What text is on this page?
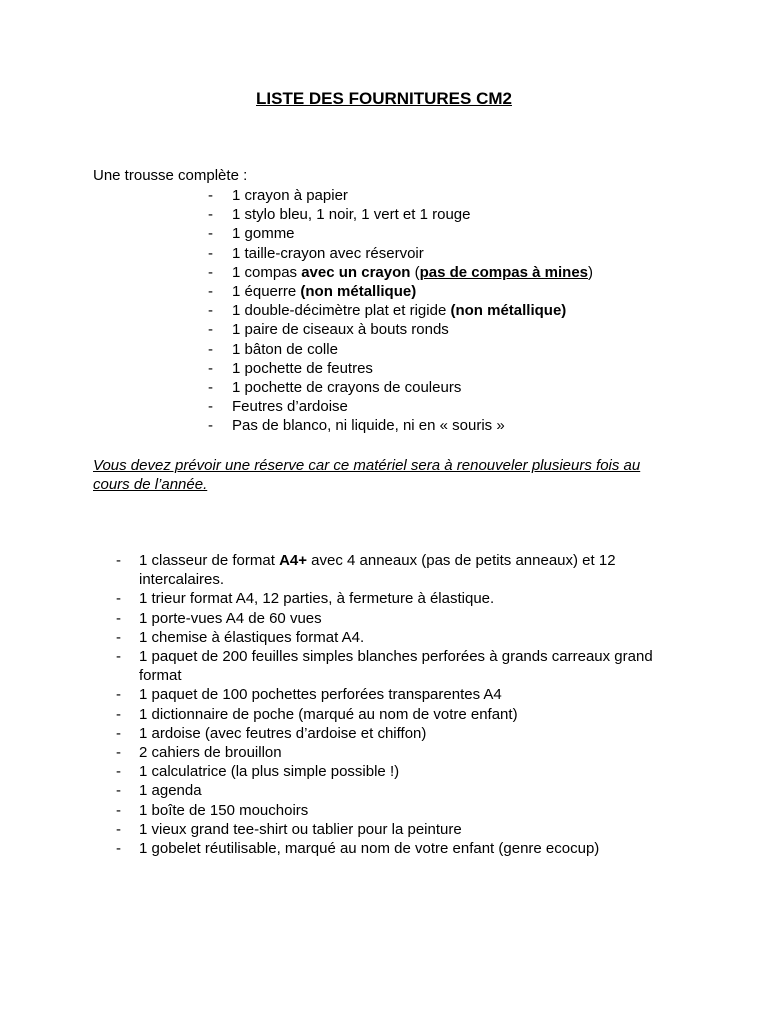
LISTE DES FOURNITURES CM2

Une trousse complète :

- 1 crayon à papier
- 1 stylo bleu, 1 noir, 1 vert et 1 rouge
- 1 gomme
- 1 taille-crayon avec réservoir
- 1 compas avec un crayon (pas de compas à mines)
- 1 équerre (non métallique)
- 1 double-décimètre plat et rigide (non métallique)
- 1 paire de ciseaux à bouts ronds
- 1 bâton de colle
- 1 pochette de feutres
- 1 pochette de crayons de couleurs
- Feutres d’ardoise
- Pas de blanco, ni liquide, ni en « souris »

Vous devez prévoir une réserve car ce matériel sera à renouveler plusieurs fois au cours de l’année.

- 1 classeur de format A4+ avec 4 anneaux (pas de petits anneaux) et 12 intercalaires.
- 1 trieur format A4, 12 parties, à fermeture à élastique.
- 1 porte-vues A4 de 60 vues
- 1 chemise à élastiques format A4.
- 1 paquet de 200 feuilles simples blanches perforées à grands carreaux grand format
- 1 paquet de 100 pochettes perforées transparentes A4
- 1 dictionnaire de poche (marqué au nom de votre enfant)
- 1 ardoise (avec feutres d’ardoise et chiffon)
- 2 cahiers de brouillon
- 1 calculatrice (la plus simple possible !)
- 1 agenda
- 1 boîte de 150 mouchoirs
- 1 vieux grand tee-shirt ou tablier pour la peinture
- 1 gobelet réutilisable, marqué au nom de votre enfant (genre ecocup)
